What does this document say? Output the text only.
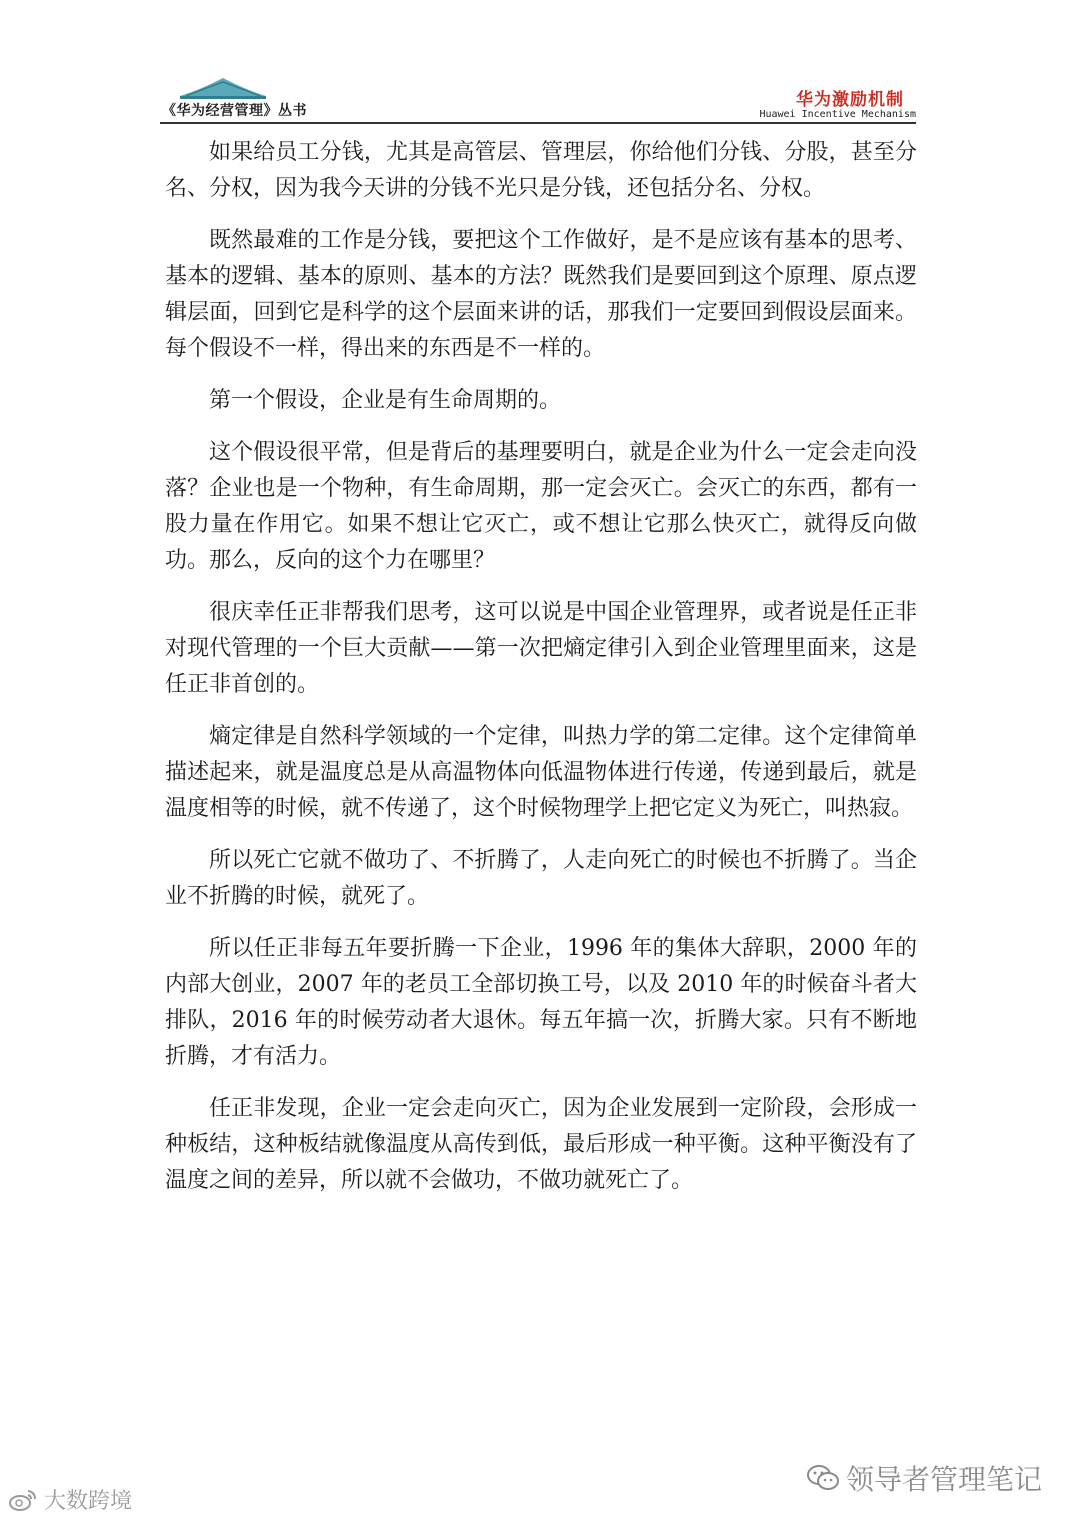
《华为经营管理》丛书
华为激励机制
Huawei Incentive Mechanism

如果给员工分钱，尤其是高管层、管理层，你给他们分钱、分股，甚至分名、分权，因为我今天讲的分钱不光只是分钱，还包括分名、分权。

既然最难的工作是分钱，要把这个工作做好，是不是应该有基本的思考、基本的逻辑、基本的原则、基本的方法？既然我们是要回到这个原理、原点逻辑层面，回到它是科学的这个层面来讲的话，那我们一定要回到假设层面来。每个假设不一样，得出来的东西是不一样的。

第一个假设，企业是有生命周期的。

这个假设很平常，但是背后的基理要明白，就是企业为什么一定会走向没落？企业也是一个物种，有生命周期，那一定会灭亡。会灭亡的东西，都有一股力量在作用它。如果不想让它灭亡，或不想让它那么快灭亡，就得反向做功。那么，反向的这个力在哪里？

很庆幸任正非帮我们思考，这可以说是中国企业管理界，或者说是任正非对现代管理的一个巨大贡献——第一次把熵定律引入到企业管理里面来，这是任正非首创的。

熵定律是自然科学领域的一个定律，叫热力学的第二定律。这个定律简单描述起来，就是温度总是从高温物体向低温物体进行传递，传递到最后，就是温度相等的时候，就不传递了，这个时候物理学上把它定义为死亡，叫热寂。

所以死亡它就不做功了、不折腾了，人走向死亡的时候也不折腾了。当企业不折腾的时候，就死了。

所以任正非每五年要折腾一下企业，1996 年的集体大辞职，2000 年的内部大创业，2007 年的老员工全部切换工号，以及 2010 年的时候奋斗者大排队，2016 年的时候劳动者大退休。每五年搞一次，折腾大家。只有不断地折腾，才有活力。

任正非发现，企业一定会走向灭亡，因为企业发展到一定阶段，会形成一种板结，这种板结就像温度从高传到低，最后形成一种平衡。这种平衡没有了温度之间的差异，所以就不会做功，不做功就死亡了。

领导者管理笔记
大数跨境
